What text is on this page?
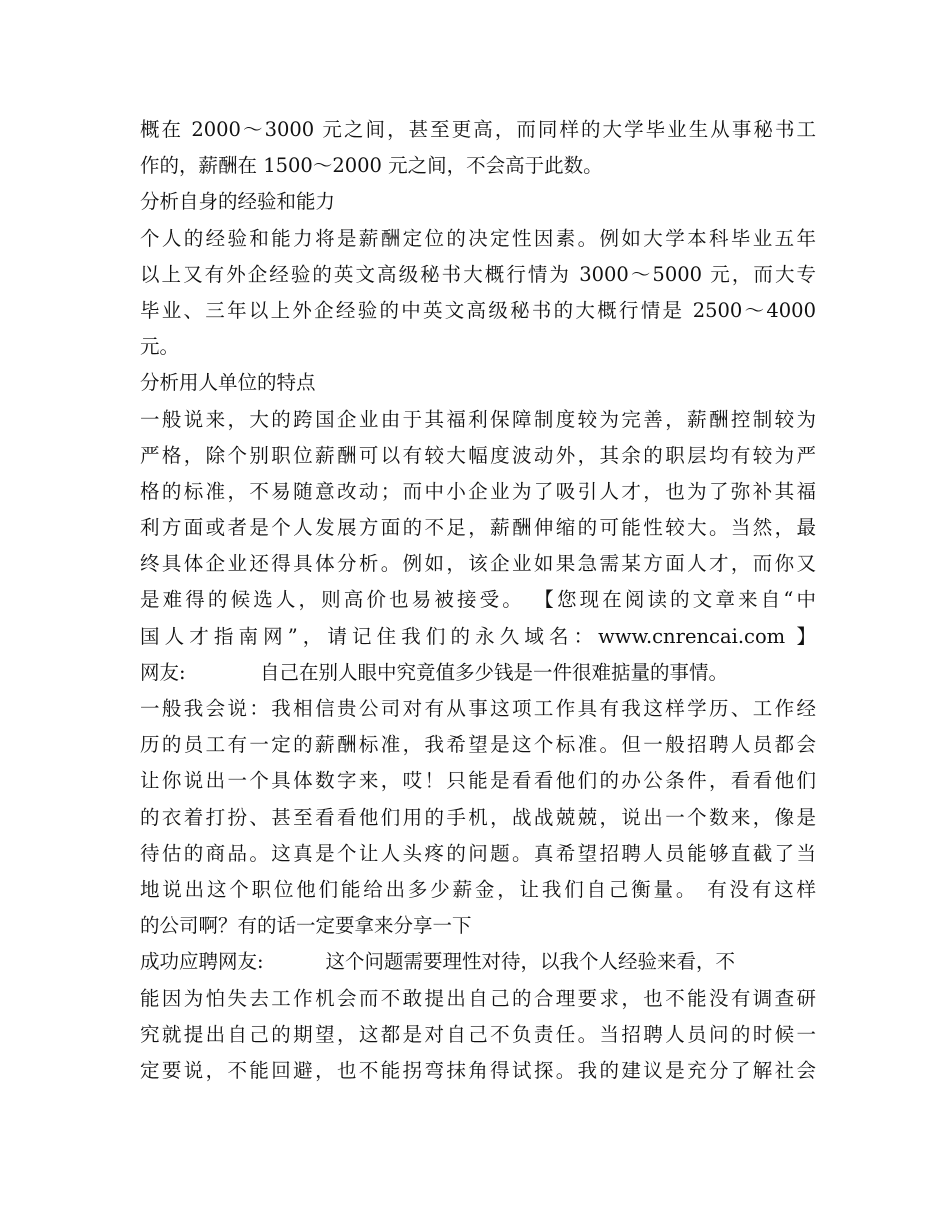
概在 2000～3000 元之间，甚至更高，而同样的大学毕业生从事秘书工
作的，薪酬在 1500～2000 元之间，不会高于此数。
分析自身的经验和能力
个人的经验和能力将是薪酬定位的决定性因素。例如大学本科毕业五年
以上又有外企经验的英文高级秘书大概行情为 3000～5000 元，而大专
毕业、三年以上外企经验的中英文高级秘书的大概行情是 2500～4000
元。
分析用人单位的特点
一般说来，大的跨国企业由于其福利保障制度较为完善，薪酬控制较为
严格，除个别职位薪酬可以有较大幅度波动外，其余的职层均有较为严
格的标准，不易随意改动；而中小企业为了吸引人才，也为了弥补其福
利方面或者是个人发展方面的不足，薪酬伸缩的可能性较大。当然，最
终具体企业还得具体分析。例如，该企业如果急需某方面人才，而你又
是难得的候选人，则高价也易被接受。 【您现在阅读的文章来自“中
国人才指南网”，请记住我们的永久域名：www.cnrencai.com 】
网友:            自己在别人眼中究竟值多少钱是一件很难掂量的事情。
一般我会说：我相信贵公司对有从事这项工作具有我这样学历、工作经
历的员工有一定的薪酬标准，我希望是这个标准。但一般招聘人员都会
让你说出一个具体数字来，哎！只能是看看他们的办公条件，看看他们
的衣着打扮、甚至看看他们用的手机，战战兢兢，说出一个数来，像是
待估的商品。这真是个让人头疼的问题。真希望招聘人员能够直截了当
地说出这个职位他们能给出多少薪金，让我们自己衡量。 有没有这样
的公司啊？有的话一定要拿来分享一下
成功应聘网友:          这个问题需要理性对待，以我个人经验来看，不
能因为怕失去工作机会而不敢提出自己的合理要求，也不能没有调查研
究就提出自己的期望，这都是对自己不负责任。当招聘人员问的时候一
定要说，不能回避，也不能拐弯抹角得试探。我的建议是充分了解社会
